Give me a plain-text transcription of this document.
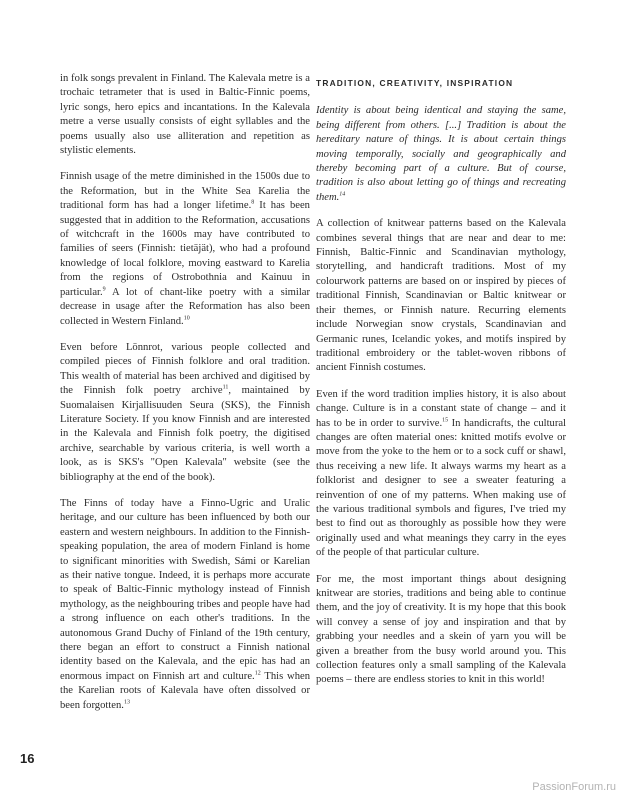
in folk songs prevalent in Finland. The Kalevala metre is a trochaic tetrameter that is used in Baltic-Finnic poems, lyric songs, hero epics and incantations. In the Kalevala metre a verse usually consists of eight syllables and the poems usually also use alliteration and repetition as stylistic elements.

Finnish usage of the metre diminished in the 1500s due to the Reformation, but in the White Sea Karelia the traditional form has had a longer lifetime.$^8$ It has been suggested that in addition to the Reformation, accusations of witchcraft in the 1600s may have contributed to families of seers (Finnish: tietäjät), who had a profound knowledge of local folklore, moving eastward to Karelia from the regions of Ostrobothnia and Kainuu in particular.$^9$ A lot of chant-like poetry with a similar decrease in usage after the Reformation has also been collected in Western Finland.$^{10}$

Even before Lönnrot, various people collected and compiled pieces of Finnish folklore and oral tradition. This wealth of material has been archived and digitised by the Finnish folk poetry archive$^{11}$, maintained by Suomalaisen Kirjallisuuden Seura (SKS), the Finnish Literature Society. If you know Finnish and are interested in the Kalevala and Finnish folk poetry, the digitised archive, searchable by various criteria, is well worth a look, as is SKS's "Open Kalevala" website (see the bibliography at the end of the book).

The Finns of today have a Finno-Ugric and Uralic heritage, and our culture has been influenced by both our eastern and western neighbours. In addition to the Finnish-speaking population, the area of modern Finland is home to significant minorities with Swedish, Sámi or Karelian as their native tongue. Indeed, it is perhaps more accurate to speak of Baltic-Finnic mythology instead of Finnish mythology, as the neighbouring tribes and people have had a strong influence on each other's traditions. In the autonomous Grand Duchy of Finland of the 19th century, there began an effort to construct a Finnish national identity based on the Kalevala, and the epic has had an enormous impact on Finnish art and culture.$^{12}$ This when the Karelian roots of Kalevala have often dissolved or been forgotten.$^{13}$

TRADITION, CREATIVITY, INSPIRATION

Identity is about being identical and staying the same, being different from others. [...] Tradition is about the hereditary nature of things. It is about certain things moving temporally, socially and geographically and thereby becoming part of a culture. But of course, tradition is also about letting go of things and recreating them.$^{14}$

A collection of knitwear patterns based on the Kalevala combines several things that are near and dear to me: Finnish, Baltic-Finnic and Scandinavian mythology, storytelling, and handicraft traditions. Most of my colourwork patterns are based on or inspired by pieces of traditional Finnish, Scandinavian or Baltic knitwear or their themes, or Finnish nature. Recurring elements include Norwegian snow crystals, Scandinavian and Germanic runes, Icelandic yokes, and motifs inspired by traditional embroidery or the tablet-woven ribbons of ancient Finnish costumes.

Even if the word tradition implies history, it is also about change. Culture is in a constant state of change – and it has to be in order to survive.$^{15}$ In handicrafts, the cultural changes are often material ones: knitted motifs evolve or move from the yoke to the hem or to a sock cuff or shawl, thus receiving a new life. It always warms my heart as a folklorist and designer to see a sweater featuring a reinvention of one of my patterns. When making use of the various traditional symbols and figures, I've tried my best to find out as thoroughly as possible how they were originally used and what meanings they carry in the eyes of the people of that particular culture.

For me, the most important things about designing knitwear are stories, traditions and being able to continue them, and the joy of creativity. It is my hope that this book will convey a sense of joy and inspiration and that by grabbing your needles and a skein of yarn you will be given a breather from the busy world around you. This collection features only a small sampling of the Kalevala poems – there are endless stories to knit in this world!

16
PassionForum.ru
